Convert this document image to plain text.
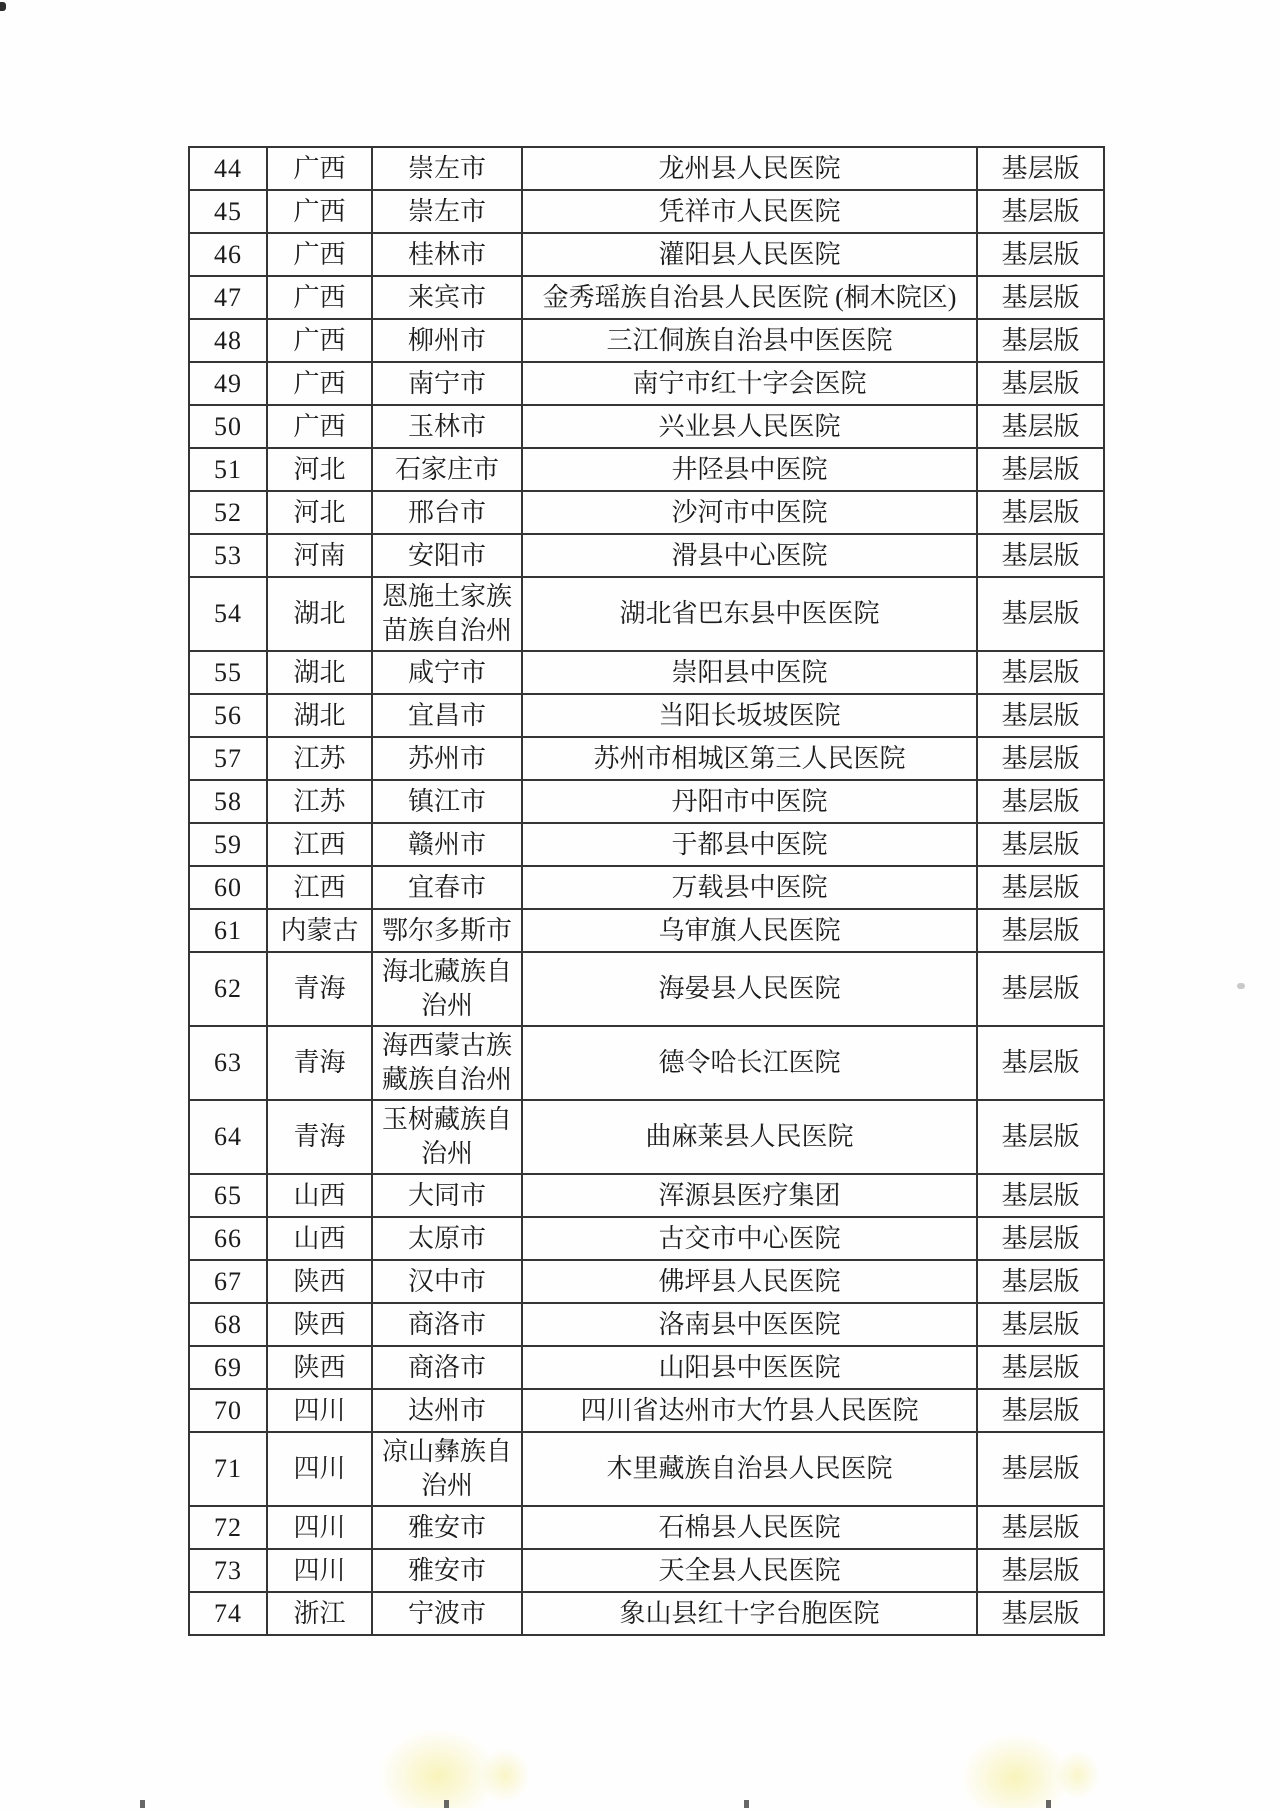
44	广西	崇左市	龙州县人民医院	基层版
45	广西	崇左市	凭祥市人民医院	基层版
46	广西	桂林市	灌阳县人民医院	基层版
47	广西	来宾市	金秀瑶族自治县人民医院 (桐木院区)	基层版
48	广西	柳州市	三江侗族自治县中医医院	基层版
49	广西	南宁市	南宁市红十字会医院	基层版
50	广西	玉林市	兴业县人民医院	基层版
51	河北	石家庄市	井陉县中医院	基层版
52	河北	邢台市	沙河市中医院	基层版
53	河南	安阳市	滑县中心医院	基层版
54	湖北	恩施土家族苗族自治州	湖北省巴东县中医医院	基层版
55	湖北	咸宁市	崇阳县中医院	基层版
56	湖北	宜昌市	当阳长坂坡医院	基层版
57	江苏	苏州市	苏州市相城区第三人民医院	基层版
58	江苏	镇江市	丹阳市中医院	基层版
59	江西	赣州市	于都县中医院	基层版
60	江西	宜春市	万载县中医院	基层版
61	内蒙古	鄂尔多斯市	乌审旗人民医院	基层版
62	青海	海北藏族自治州	海晏县人民医院	基层版
63	青海	海西蒙古族藏族自治州	德令哈长江医院	基层版
64	青海	玉树藏族自治州	曲麻莱县人民医院	基层版
65	山西	大同市	浑源县医疗集团	基层版
66	山西	太原市	古交市中心医院	基层版
67	陕西	汉中市	佛坪县人民医院	基层版
68	陕西	商洛市	洛南县中医医院	基层版
69	陕西	商洛市	山阳县中医医院	基层版
70	四川	达州市	四川省达州市大竹县人民医院	基层版
71	四川	凉山彝族自治州	木里藏族自治县人民医院	基层版
72	四川	雅安市	石棉县人民医院	基层版
73	四川	雅安市	天全县人民医院	基层版
74	浙江	宁波市	象山县红十字台胞医院	基层版
